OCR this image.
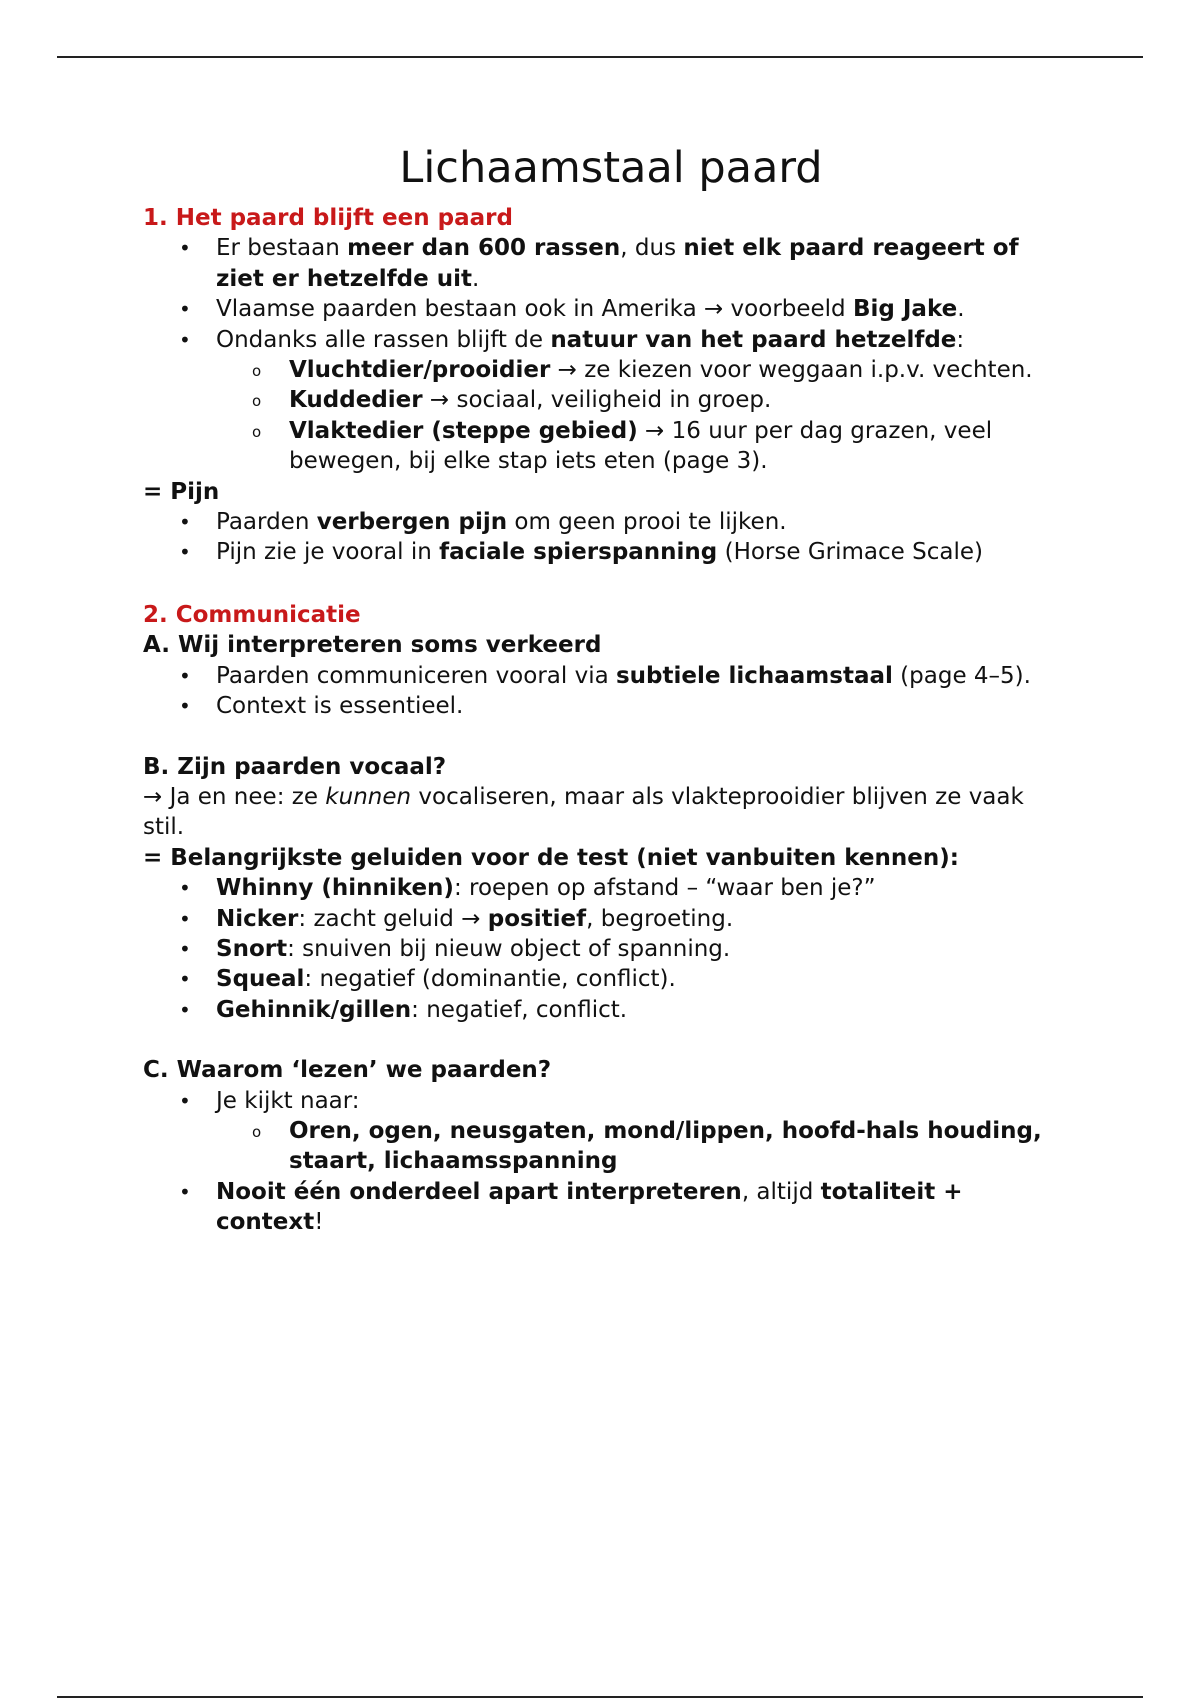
Lichaamstaal paard
1. Het paard blijft een paard
• Er bestaan meer dan 600 rassen, dus niet elk paard reageert of ziet er hetzelfde uit.
• Vlaamse paarden bestaan ook in Amerika → voorbeeld Big Jake.
• Ondanks alle rassen blijft de natuur van het paard hetzelfde:
o Vluchtdier/prooidier → ze kiezen voor weggaan i.p.v. vechten.
o Kuddedier → sociaal, veiligheid in groep.
o Vlaktedier (steppe gebied) → 16 uur per dag grazen, veel bewegen, bij elke stap iets eten (page 3).
= Pijn
• Paarden verbergen pijn om geen prooi te lijken.
• Pijn zie je vooral in faciale spierspanning (Horse Grimace Scale)
2. Communicatie
A. Wij interpreteren soms verkeerd
• Paarden communiceren vooral via subtiele lichaamstaal (page 4–5).
• Context is essentieel.
B. Zijn paarden vocaal?

→ Ja en nee: ze kunnen vocaliseren, maar als vlakteprooidier blijven ze vaak stil.

= Belangrijkste geluiden voor de test (niet vanbuiten kennen):
• Whinny (hinniken): roepen op afstand – “waar ben je?”
• Nicker: zacht geluid → positief, begroeting.
• Snort: snuiven bij nieuw object of spanning.
• Squeal: negatief (dominantie, conflict).
• Gehinnik/gillen: negatief, conflict.
C. Waarom ‘lezen’ we paarden?
• Je kijkt naar:
o Oren, ogen, neusgaten, mond/lippen, hoofd-hals houding, staart, lichaamsspanning
• Nooit één onderdeel apart interpreteren, altijd totaliteit + context!
